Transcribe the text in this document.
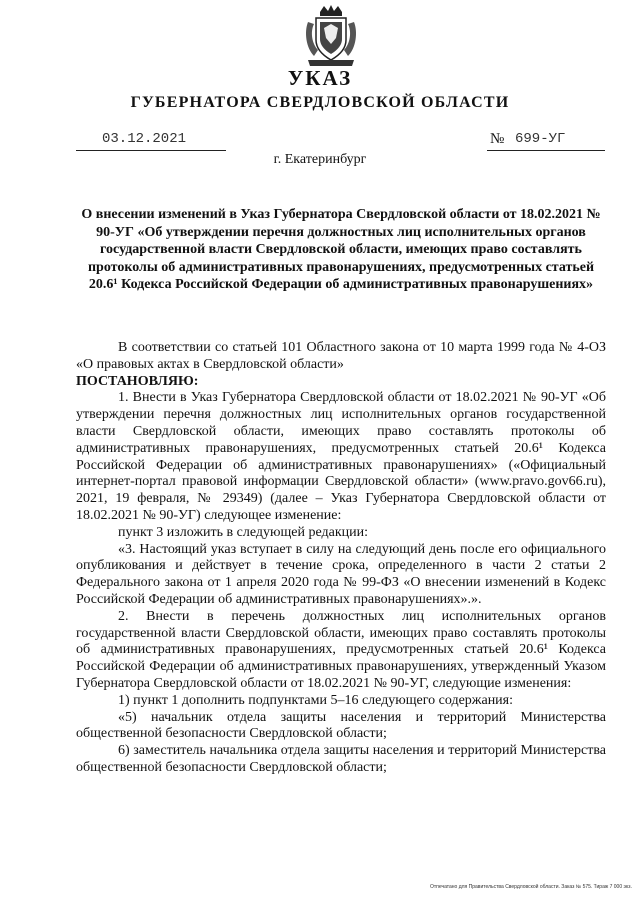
УКАЗ
ГУБЕРНАТОРА СВЕРДЛОВСКОЙ ОБЛАСТИ
03.12.2021	№ 699-УГ
г. Екатеринбург
О внесении изменений в Указ Губернатора Свердловской области от 18.02.2021 № 90-УГ «Об утверждении перечня должностных лиц исполнительных органов государственной власти Свердловской области, имеющих право составлять протоколы об административных правонарушениях, предусмотренных статьей 20.6¹ Кодекса Российской Федерации об административных правонарушениях»

В соответствии со статьей 101 Областного закона от 10 марта 1999 года № 4-ОЗ «О правовых актах в Свердловской области»

ПОСТАНОВЛЯЮ:

1. Внести в Указ Губернатора Свердловской области от 18.02.2021 № 90-УГ «Об утверждении перечня должностных лиц исполнительных органов государственной власти Свердловской области, имеющих право составлять протоколы об административных правонарушениях, предусмотренных статьей 20.6¹ Кодекса Российской Федерации об административных правонарушениях» («Официальный интернет-портал правовой информации Свердловской области» (www.pravo.gov66.ru), 2021, 19 февраля, № 29349) (далее – Указ Губернатора Свердловской области от 18.02.2021 № 90-УГ) следующее изменение:

пункт 3 изложить в следующей редакции:

«3. Настоящий указ вступает в силу на следующий день после его официального опубликования и действует в течение срока, определенного в части 2 статьи 2 Федерального закона от 1 апреля 2020 года № 99-ФЗ «О внесении изменений в Кодекс Российской Федерации об административных правонарушениях».».

2. Внести в перечень должностных лиц исполнительных органов государственной власти Свердловской области, имеющих право составлять протоколы об административных правонарушениях, предусмотренных статьей 20.6¹ Кодекса Российской Федерации об административных правонарушениях, утвержденный Указом Губернатора Свердловской области от 18.02.2021 № 90-УГ, следующие изменения:

1) пункт 1 дополнить подпунктами 5–16 следующего содержания:

«5) начальник отдела защиты населения и территорий Министерства общественной безопасности Свердловской области;

6) заместитель начальника отдела защиты населения и территорий Министерства общественной безопасности Свердловской области;

Отпечатано для Правительства Свердловской области. Заказ № 575. Тираж 7 000 экз.
